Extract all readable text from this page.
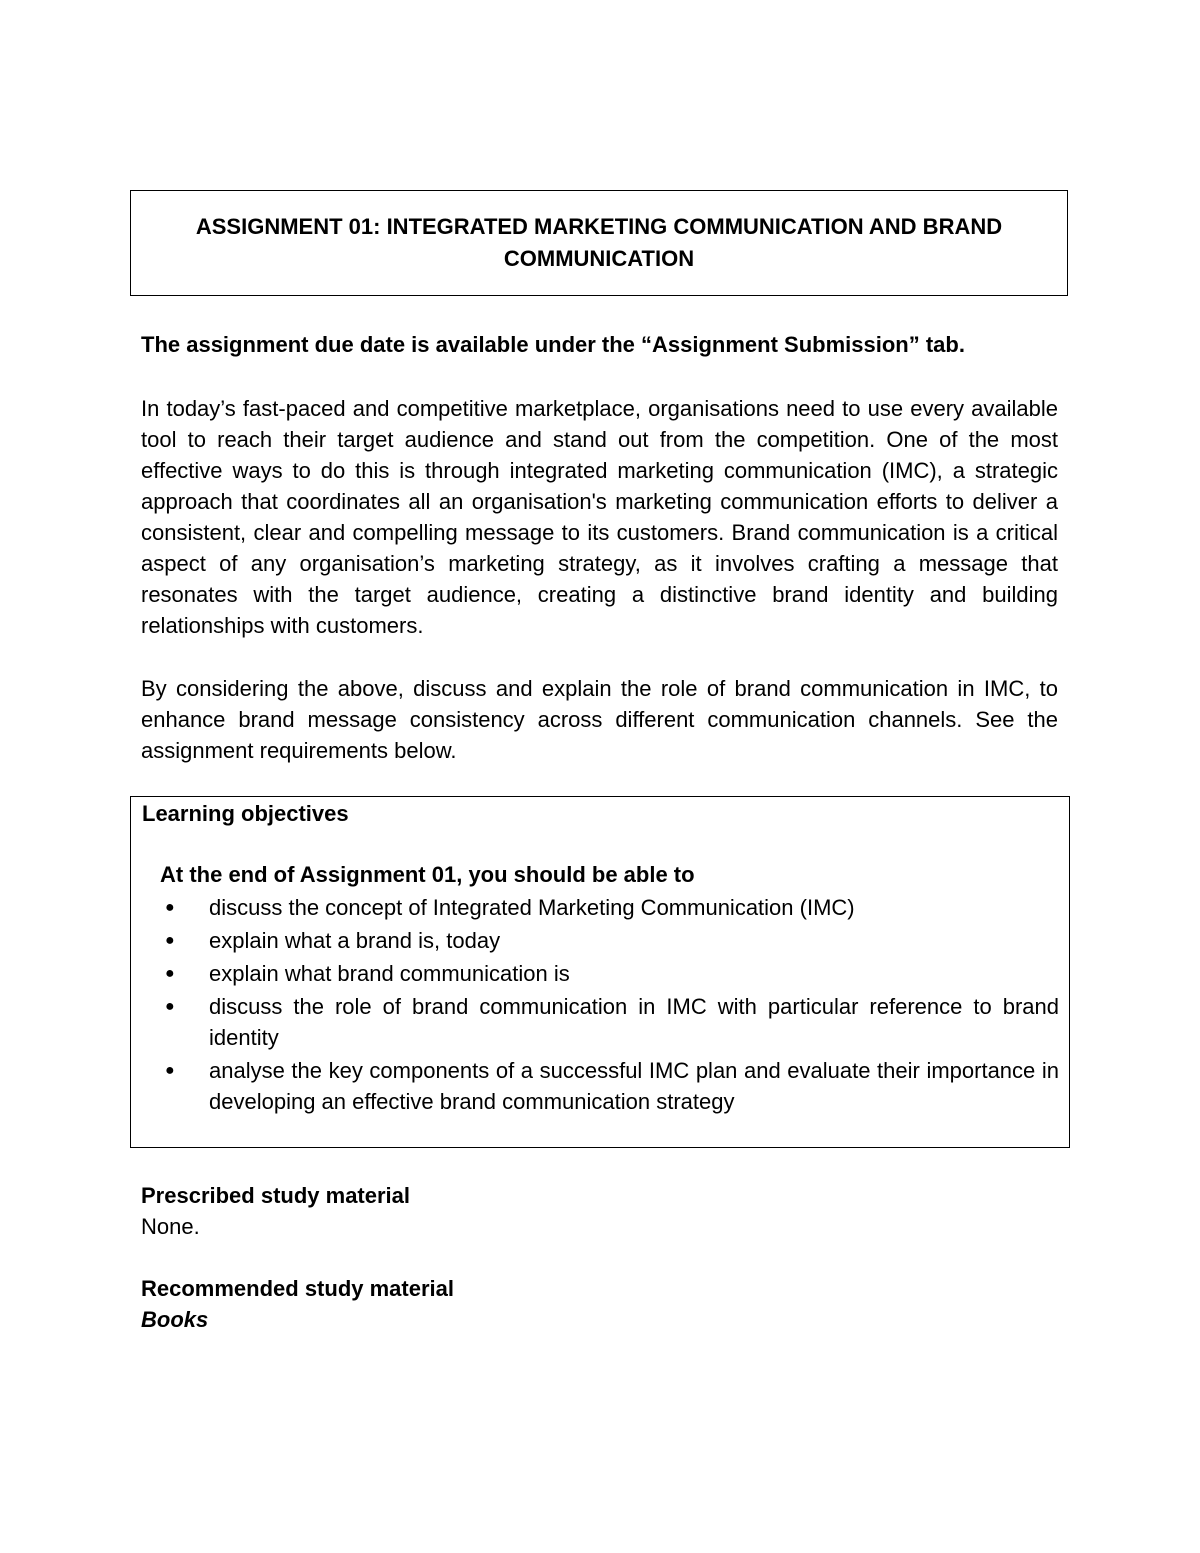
ASSIGNMENT 01: INTEGRATED MARKETING COMMUNICATION AND BRAND
COMMUNICATION
The assignment due date is available under the “Assignment Submission” tab.

In today’s fast-paced and competitive marketplace, organisations need to use every available tool to reach their target audience and stand out from the competition. One of the most effective ways to do this is through integrated marketing communication (IMC), a strategic approach that coordinates all an organisation's marketing communication efforts to deliver a consistent, clear and compelling message to its customers. Brand communication is a critical aspect of any organisation’s marketing strategy, as it involves crafting a message that resonates with the target audience, creating a distinctive brand identity and building relationships with customers.

By considering the above, discuss and explain the role of brand communication in IMC, to enhance brand message consistency across different communication channels. See the assignment requirements below.

Learning objectives
At the end of Assignment 01, you should be able to
● discuss the concept of Integrated Marketing Communication (IMC)
● explain what a brand is, today
● explain what brand communication is
● discuss the role of brand communication in IMC with particular reference to brand identity
● analyse the key components of a successful IMC plan and evaluate their importance in developing an effective brand communication strategy
Prescribed study material
None.
Recommended study material
Books
